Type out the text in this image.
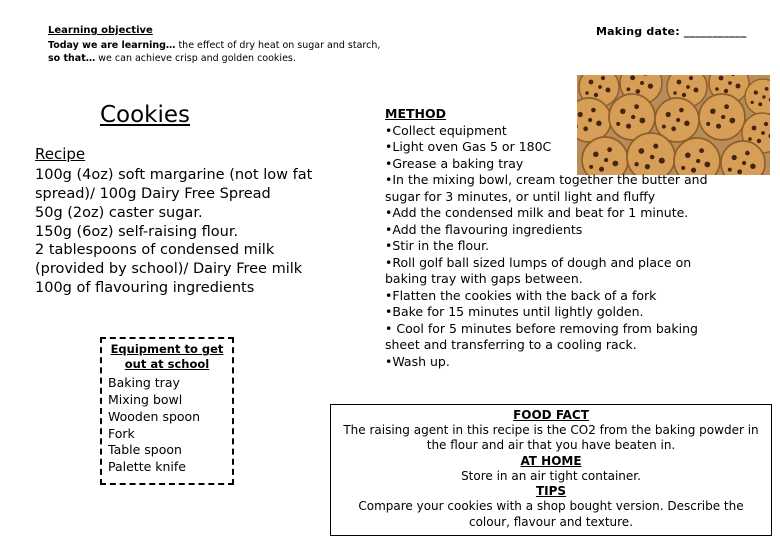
Learning objective
Today we are learning… the effect of dry heat on sugar and starch,
so that… we can achieve crisp and golden cookies.
Making date: ___________
Cookies
Recipe
100g (4oz) soft margarine (not low fat spread)/ 100g Dairy Free Spread
50g (2oz) caster sugar.
150g (6oz) self-raising flour.
2 tablespoons of condensed milk (provided by school)/ Dairy Free milk
100g of flavouring ingredients
Equipment to get
out at school
Baking tray
Mixing bowl
Wooden spoon
Fork
Table spoon
Palette knife
METHOD
•Collect equipment
•Light oven Gas 5 or 180C
•Grease a baking tray
•In the mixing bowl, cream together the butter and sugar for 3 minutes, or until light and fluffy
•Add the condensed milk and beat for 1 minute.
•Add the flavouring ingredients
•Stir in the flour.
•Roll golf ball sized lumps of dough and place on baking tray with gaps between.
•Flatten the cookies with the back of a fork
•Bake for 15 minutes until lightly golden.
• Cool for 5 minutes before removing from baking sheet and transferring to a cooling rack.
•Wash up.
FOOD FACT
The raising agent in this recipe is the CO2 from the baking powder in the flour and air that you have beaten in.
AT HOME
Store in an air tight container.
TIPS
Compare your cookies with a shop bought version. Describe the colour, flavour and texture.
